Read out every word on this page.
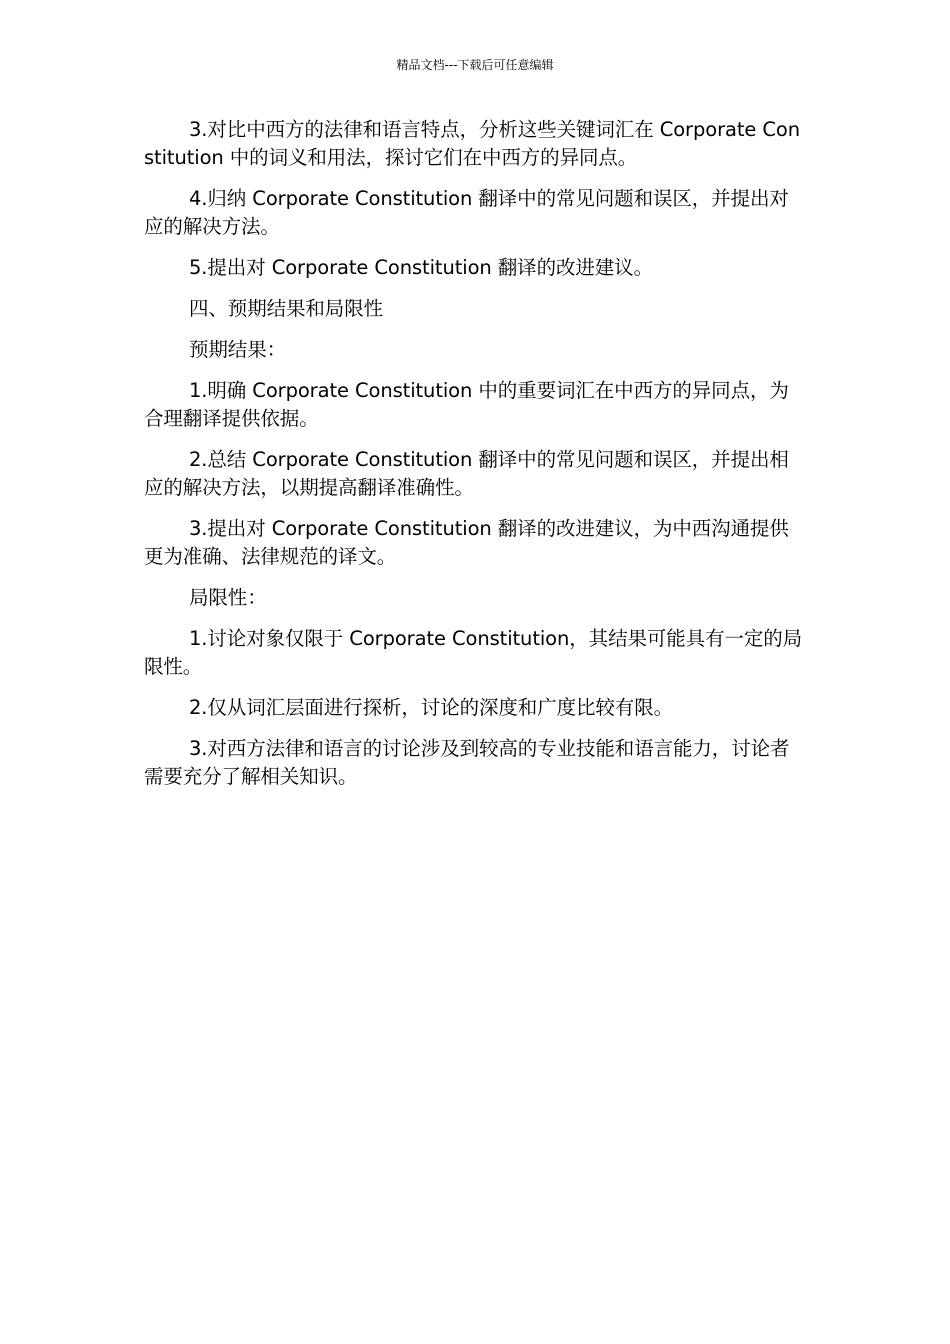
精品文档---下载后可任意编辑

3.对比中西方的法律和语言特点，分析这些关键词汇在 Corporate Constitution 中的词义和用法，探讨它们在中西方的异同点。

4.归纳 Corporate Constitution 翻译中的常见问题和误区，并提出对应的解决方法。

5.提出对 Corporate Constitution 翻译的改进建议。

四、预期结果和局限性

预期结果：

1.明确 Corporate Constitution 中的重要词汇在中西方的异同点，为合理翻译提供依据。

2.总结 Corporate Constitution 翻译中的常见问题和误区，并提出相应的解决方法，以期提高翻译准确性。

3.提出对 Corporate Constitution 翻译的改进建议，为中西沟通提供更为准确、法律规范的译文。

局限性：

1.讨论对象仅限于 Corporate Constitution，其结果可能具有一定的局限性。

2.仅从词汇层面进行探析，讨论的深度和广度比较有限。

3.对西方法律和语言的讨论涉及到较高的专业技能和语言能力，讨论者需要充分了解相关知识。
